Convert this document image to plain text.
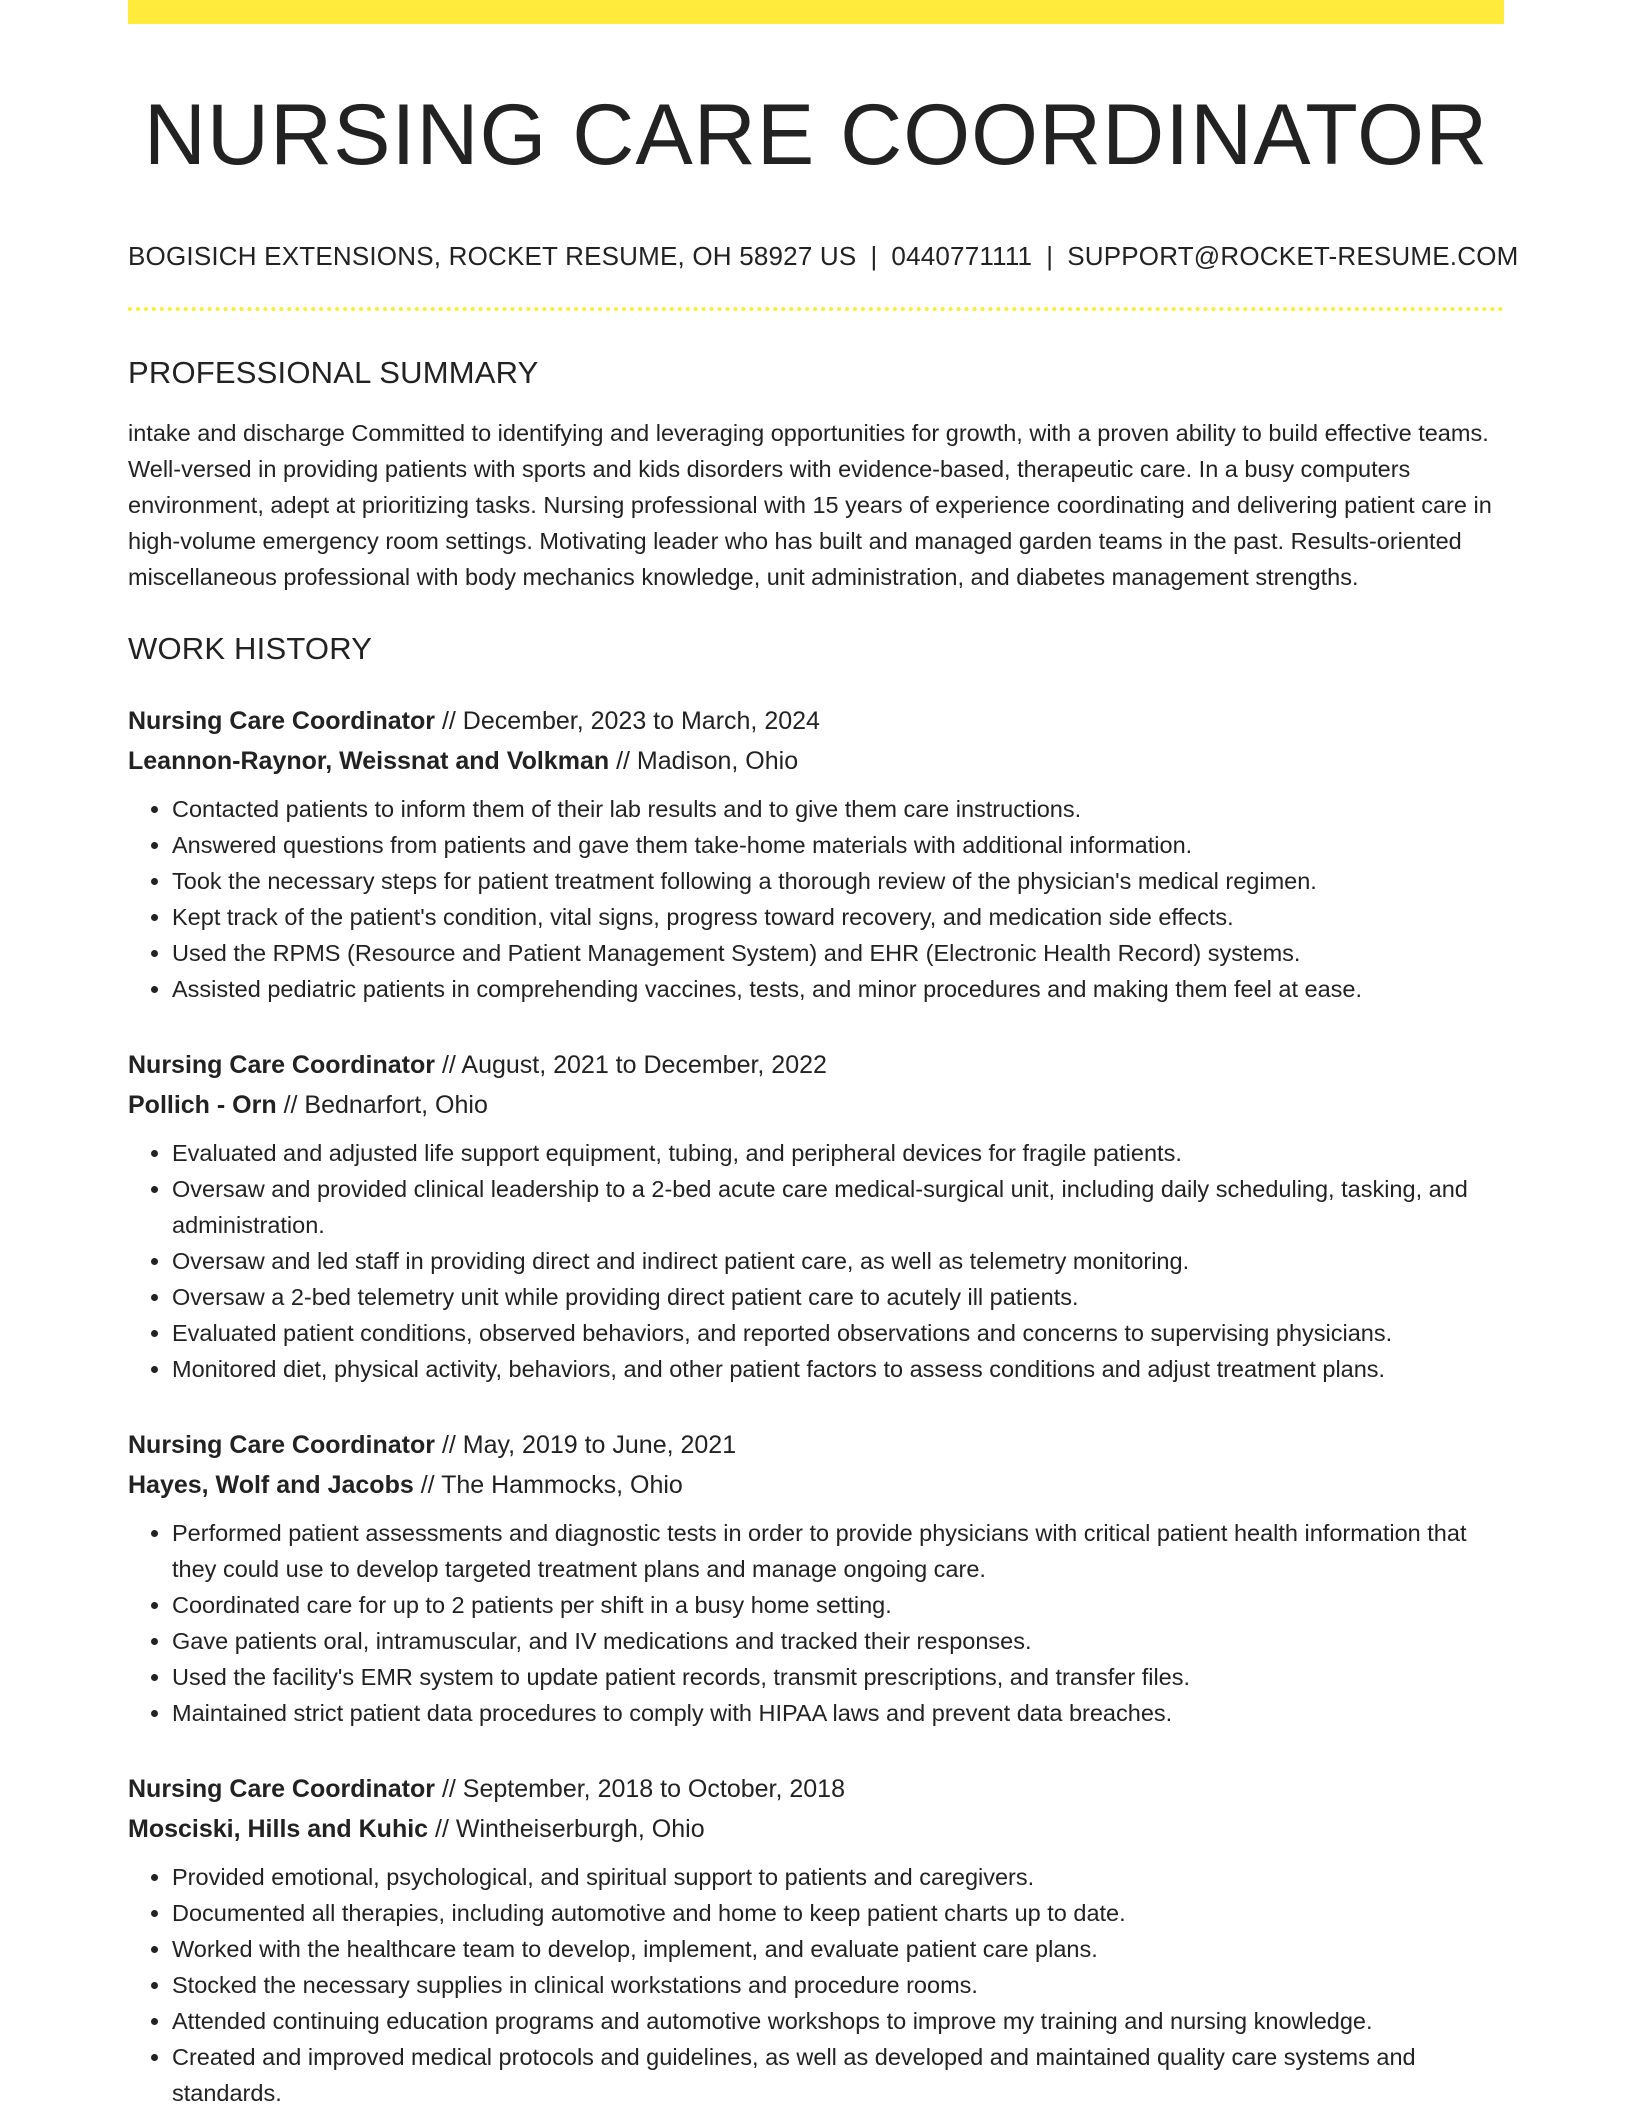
NURSING CARE COORDINATOR
BOGISICH EXTENSIONS, ROCKET RESUME, OH 58927 US | 0440771111 | SUPPORT@ROCKET-RESUME.COM
PROFESSIONAL SUMMARY

intake and discharge Committed to identifying and leveraging opportunities for growth, with a proven ability to build effective teams. Well-versed in providing patients with sports and kids disorders with evidence-based, therapeutic care. In a busy computers environment, adept at prioritizing tasks. Nursing professional with 15 years of experience coordinating and delivering patient care in high-volume emergency room settings. Motivating leader who has built and managed garden teams in the past. Results-oriented miscellaneous professional with body mechanics knowledge, unit administration, and diabetes management strengths.

WORK HISTORY
Nursing Care Coordinator // December, 2023 to March, 2024
Leannon-Raynor, Weissnat and Volkman // Madison, Ohio
• Contacted patients to inform them of their lab results and to give them care instructions.
• Answered questions from patients and gave them take-home materials with additional information.
• Took the necessary steps for patient treatment following a thorough review of the physician's medical regimen.
• Kept track of the patient's condition, vital signs, progress toward recovery, and medication side effects.
• Used the RPMS (Resource and Patient Management System) and EHR (Electronic Health Record) systems.
• Assisted pediatric patients in comprehending vaccines, tests, and minor procedures and making them feel at ease.
Nursing Care Coordinator // August, 2021 to December, 2022
Pollich - Orn // Bednarfort, Ohio
• Evaluated and adjusted life support equipment, tubing, and peripheral devices for fragile patients.
• Oversaw and provided clinical leadership to a 2-bed acute care medical-surgical unit, including daily scheduling, tasking, and administration.
• Oversaw and led staff in providing direct and indirect patient care, as well as telemetry monitoring.
• Oversaw a 2-bed telemetry unit while providing direct patient care to acutely ill patients.
• Evaluated patient conditions, observed behaviors, and reported observations and concerns to supervising physicians.
• Monitored diet, physical activity, behaviors, and other patient factors to assess conditions and adjust treatment plans.
Nursing Care Coordinator // May, 2019 to June, 2021
Hayes, Wolf and Jacobs // The Hammocks, Ohio
• Performed patient assessments and diagnostic tests in order to provide physicians with critical patient health information that they could use to develop targeted treatment plans and manage ongoing care.
• Coordinated care for up to 2 patients per shift in a busy home setting.
• Gave patients oral, intramuscular, and IV medications and tracked their responses.
• Used the facility's EMR system to update patient records, transmit prescriptions, and transfer files.
• Maintained strict patient data procedures to comply with HIPAA laws and prevent data breaches.
Nursing Care Coordinator // September, 2018 to October, 2018
Mosciski, Hills and Kuhic // Wintheiserburgh, Ohio
• Provided emotional, psychological, and spiritual support to patients and caregivers.
• Documented all therapies, including automotive and home to keep patient charts up to date.
• Worked with the healthcare team to develop, implement, and evaluate patient care plans.
• Stocked the necessary supplies in clinical workstations and procedure rooms.
• Attended continuing education programs and automotive workshops to improve my training and nursing knowledge.
• Created and improved medical protocols and guidelines, as well as developed and maintained quality care systems and standards.
